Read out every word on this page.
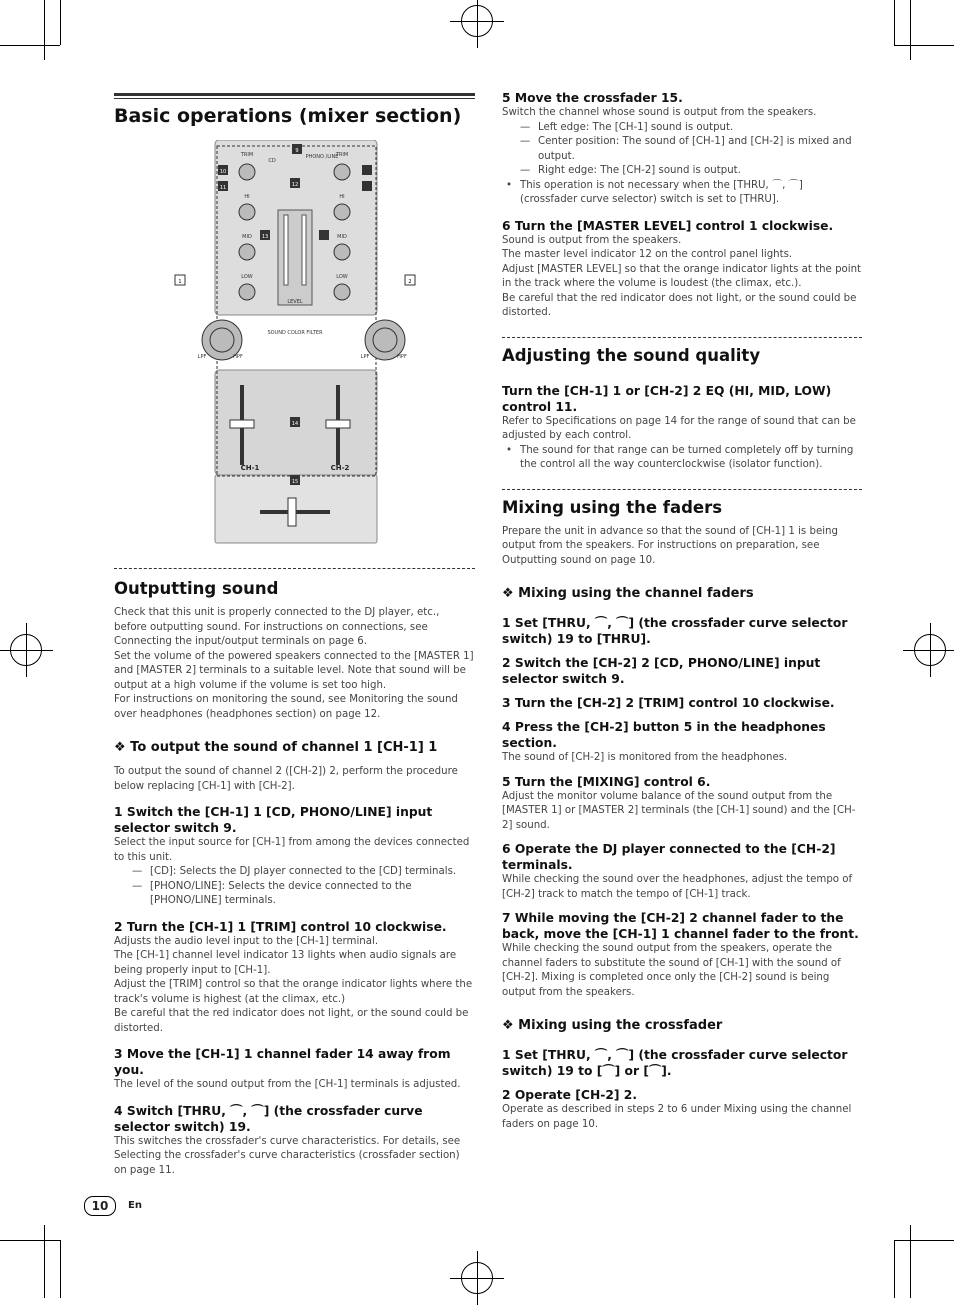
Basic operations (mixer section)
1	2
9
10
11	12
13
14
15
TRIM	TRIM
CD
PHONO /LINE
HI	HI
MID	MID
LOW	LOW
LEVEL
SOUND COLOR FILTER
LPF	HPF	LPF	HPF
CH-1	CH-2
Outputting sound

Check that this unit is properly connected to the DJ player, etc., before outputting sound. For instructions on connections, see Connecting the input/output terminals on page 6.

Set the volume of the powered speakers connected to the [MASTER 1] and [MASTER 2] terminals to a suitable level. Note that sound will be output at a high volume if the volume is set too high.

For instructions on monitoring the sound, see Monitoring the sound over headphones (headphones section) on page 12.

❖ To output the sound of channel 1 [CH-1] 1

To output the sound of channel 2 ([CH-2]) 2, perform the procedure below replacing [CH-1] with [CH-2].

1 Switch the [CH-1] 1 [CD, PHONO/LINE] input selector switch 9.

Select the input source for [CH-1] from among the devices connected to this unit.

— [CD]: Selects the DJ player connected to the [CD] terminals.

— [PHONO/LINE]: Selects the device connected to the [PHONO/LINE] terminals.

2 Turn the [CH-1] 1 [TRIM] control 10 clockwise.

Adjusts the audio level input to the [CH-1] terminal.

The [CH-1] channel level indicator 13 lights when audio signals are being properly input to [CH-1].

Adjust the [TRIM] control so that the orange indicator lights where the track's volume is highest (at the climax, etc.)

Be careful that the red indicator does not light, or the sound could be distorted.

3 Move the [CH-1] 1 channel fader 14 away from you.

The level of the sound output from the [CH-1] terminals is adjusted.

4 Switch [THRU, ⌒, ⌒] (the crossfader curve selector switch) 19.

This switches the crossfader's curve characteristics. For details, see Selecting the crossfader's curve characteristics (crossfader section) on page 11.

5 Move the crossfader 15.

Switch the channel whose sound is output from the speakers.

— Left edge: The [CH-1] sound is output.

— Center position: The sound of [CH-1] and [CH-2] is mixed and output.

— Right edge: The [CH-2] sound is output.

• This operation is not necessary when the [THRU, ⌒, ⌒] (crossfader curve selector) switch is set to [THRU].

6 Turn the [MASTER LEVEL] control 1 clockwise.

Sound is output from the speakers.

The master level indicator 12 on the control panel lights.

Adjust [MASTER LEVEL] so that the orange indicator lights at the point in the track where the volume is loudest (the climax, etc.).

Be careful that the red indicator does not light, or the sound could be distorted.

Adjusting the sound quality

Turn the [CH-1] 1 or [CH-2] 2 EQ (HI, MID, LOW) control 11.

Refer to Specifications on page 14 for the range of sound that can be adjusted by each control.

• The sound for that range can be turned completely off by turning the control all the way counterclockwise (isolator function).

Mixing using the faders

Prepare the unit in advance so that the sound of [CH-1] 1 is being output from the speakers. For instructions on preparation, see Outputting sound on page 10.

❖ Mixing using the channel faders

1 Set [THRU, ⌒, ⌒] (the crossfader curve selector switch) 19 to [THRU].

2 Switch the [CH-2] 2 [CD, PHONO/LINE] input selector switch 9.

3 Turn the [CH-2] 2 [TRIM] control 10 clockwise.

4 Press the [CH-2] button 5 in the headphones section.

The sound of [CH-2] is monitored from the headphones.

5 Turn the [MIXING] control 6.

Adjust the monitor volume balance of the sound output from the [MASTER 1] or [MASTER 2] terminals (the [CH-1] sound) and the [CH-2] sound.

6 Operate the DJ player connected to the [CH-2] terminals.

While checking the sound over the headphones, adjust the tempo of [CH-2] track to match the tempo of [CH-1] track.

7 While moving the [CH-2] 2 channel fader to the back, move the [CH-1] 1 channel fader to the front.

While checking the sound output from the speakers, operate the channel faders to substitute the sound of [CH-1] with the sound of [CH-2]. Mixing is completed once only the [CH-2] sound is being output from the speakers.

❖ Mixing using the crossfader

1 Set [THRU, ⌒, ⌒] (the crossfader curve selector switch) 19 to [⌒] or [⌒].

2 Operate [CH-2] 2.

Operate as described in steps 2 to 6 under Mixing using the channel faders on page 10.

10	En
